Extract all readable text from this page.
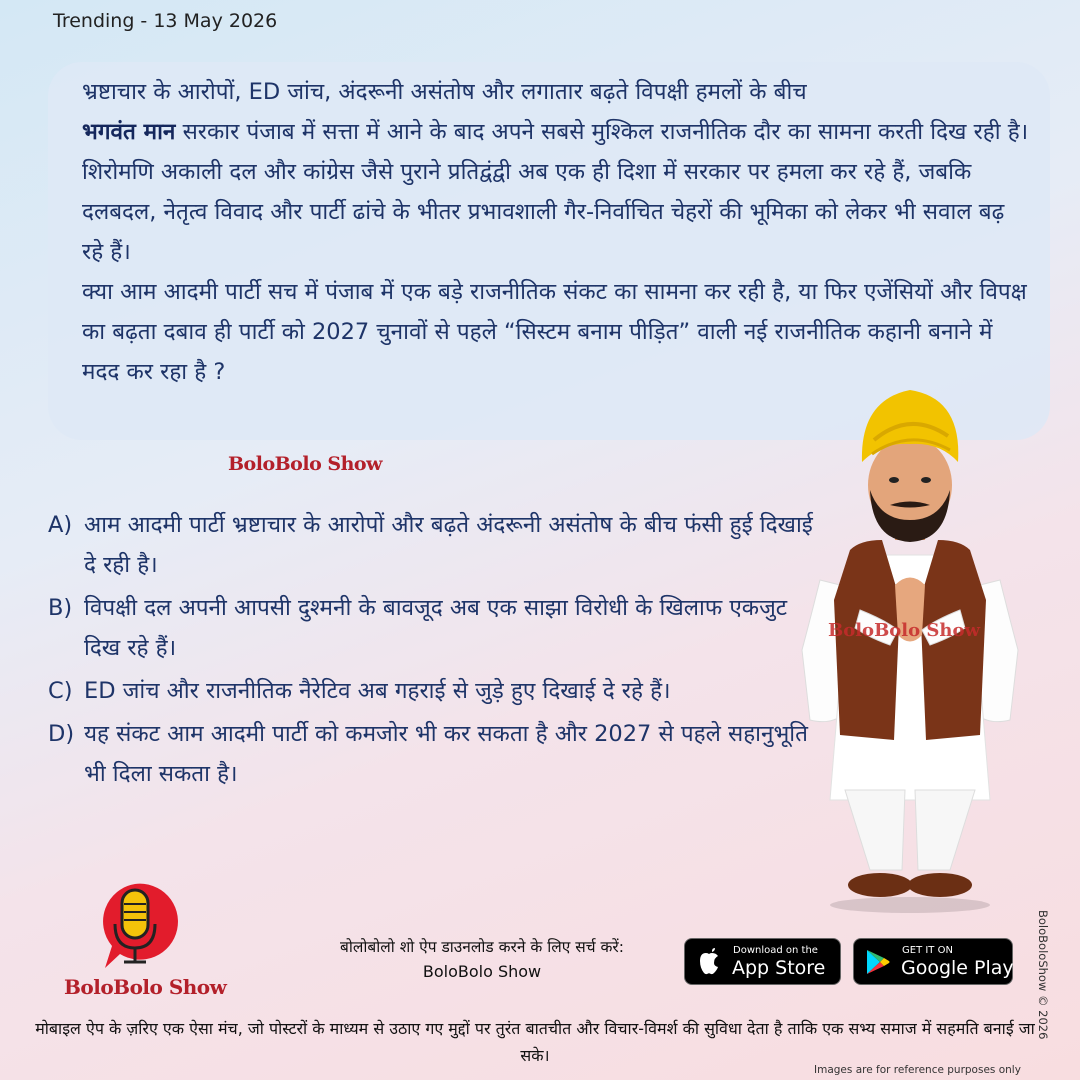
Trending - 13 May 2026
भ्रष्टाचार के आरोपों, ED जांच, अंदरूनी असंतोष और लगातार बढ़ते विपक्षी हमलों के बीच
भगवंत मान सरकार पंजाब में सत्ता में आने के बाद अपने सबसे मुश्किल राजनीतिक दौर का सामना करती दिख रही है। शिरोमणि अकाली दल और कांग्रेस जैसे पुराने प्रतिद्वंद्वी अब एक ही दिशा में सरकार पर हमला कर रहे हैं, जबकि दलबदल, नेतृत्व विवाद और पार्टी ढांचे के भीतर प्रभावशाली गैर-निर्वाचित चेहरों की भूमिका को लेकर भी सवाल बढ़ रहे हैं।
क्या आम आदमी पार्टी सच में पंजाब में एक बड़े राजनीतिक संकट का सामना कर रही है, या फिर एजेंसियों और विपक्ष का बढ़ता दबाव ही पार्टी को 2027 चुनावों से पहले “सिस्टम बनाम पीड़ित” वाली नई राजनीतिक कहानी बनाने में मदद कर रहा है ?
BoloBolo Show
A) आम आदमी पार्टी भ्रष्टाचार के आरोपों और बढ़ते अंदरूनी असंतोष के बीच फंसी हुई दिखाई दे रही है।
B) विपक्षी दल अपनी आपसी दुश्मनी के बावजूद अब एक साझा विरोधी के खिलाफ एकजुट दिख रहे हैं।
C) ED जांच और राजनीतिक नैरेटिव अब गहराई से जुड़े हुए दिखाई दे रहे हैं।
D) यह संकट आम आदमी पार्टी को कमजोर भी कर सकता है और 2027 से पहले सहानुभूति भी दिला सकता है।
BoloBolo Show
BoloBolo Show
बोलोबोलो शो ऐप डाउनलोड करने के लिए सर्च करें:
BoloBolo Show
Download on the
App Store
GET IT ON
Google Play
मोबाइल ऐप के ज़रिए एक ऐसा मंच, जो पोस्टरों के माध्यम से उठाए गए मुद्दों पर तुरंत बातचीत और विचार-विमर्श की सुविधा देता है ताकि एक सभ्य समाज में सहमति बनाई जा सके।
Images are for reference purposes only
BoloBoloShow © 2026
